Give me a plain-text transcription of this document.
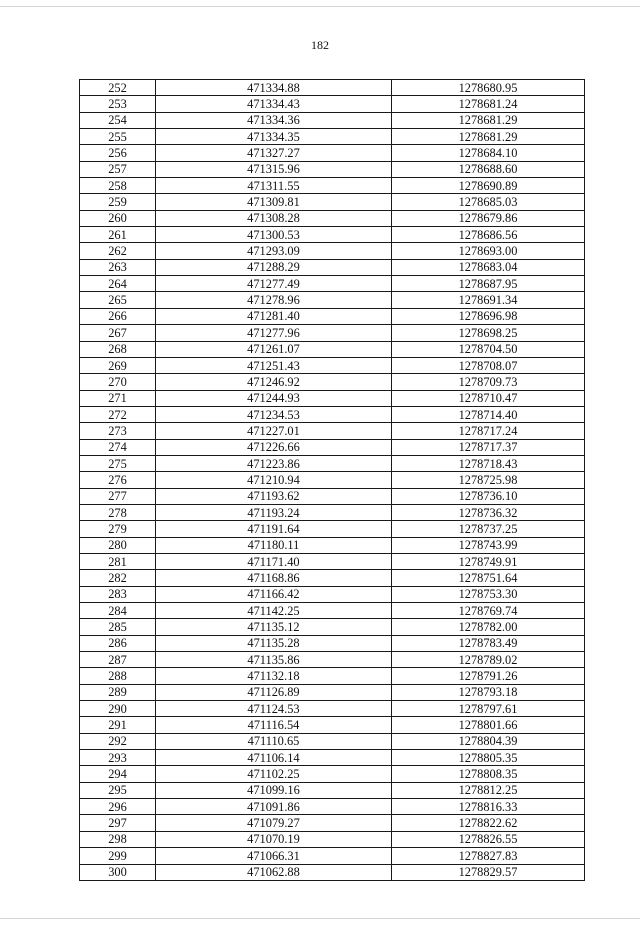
182
252	471334.88	1278680.95
253	471334.43	1278681.24
254	471334.36	1278681.29
255	471334.35	1278681.29
256	471327.27	1278684.10
257	471315.96	1278688.60
258	471311.55	1278690.89
259	471309.81	1278685.03
260	471308.28	1278679.86
261	471300.53	1278686.56
262	471293.09	1278693.00
263	471288.29	1278683.04
264	471277.49	1278687.95
265	471278.96	1278691.34
266	471281.40	1278696.98
267	471277.96	1278698.25
268	471261.07	1278704.50
269	471251.43	1278708.07
270	471246.92	1278709.73
271	471244.93	1278710.47
272	471234.53	1278714.40
273	471227.01	1278717.24
274	471226.66	1278717.37
275	471223.86	1278718.43
276	471210.94	1278725.98
277	471193.62	1278736.10
278	471193.24	1278736.32
279	471191.64	1278737.25
280	471180.11	1278743.99
281	471171.40	1278749.91
282	471168.86	1278751.64
283	471166.42	1278753.30
284	471142.25	1278769.74
285	471135.12	1278782.00
286	471135.28	1278783.49
287	471135.86	1278789.02
288	471132.18	1278791.26
289	471126.89	1278793.18
290	471124.53	1278797.61
291	471116.54	1278801.66
292	471110.65	1278804.39
293	471106.14	1278805.35
294	471102.25	1278808.35
295	471099.16	1278812.25
296	471091.86	1278816.33
297	471079.27	1278822.62
298	471070.19	1278826.55
299	471066.31	1278827.83
300	471062.88	1278829.57
